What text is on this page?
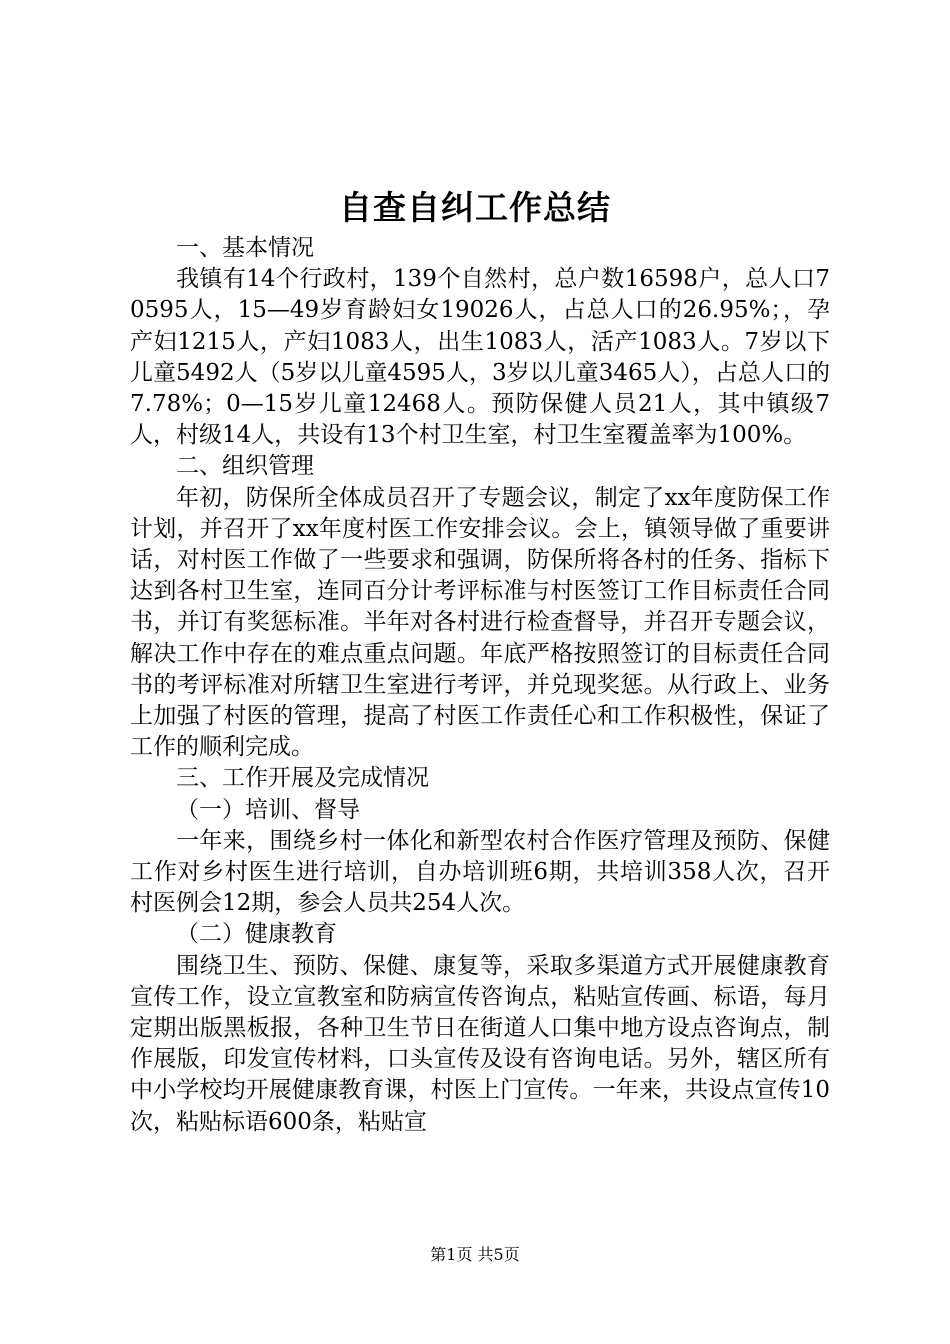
自查自纠工作总结

一、基本情况

我镇有14个行政村，139个自然村，总户数16598户，总人口70595人，15—49岁育龄妇女19026人，占总人口的26.95%；，孕产妇1215人，产妇1083人，出生1083人，活产1083人。7岁以下儿童5492人（5岁以儿童4595人，3岁以儿童3465人），占总人口的7.78%；0—15岁儿童12468人。预防保健人员21人，其中镇级7人，村级14人，共设有13个村卫生室，村卫生室覆盖率为100%。

二、组织管理

年初，防保所全体成员召开了专题会议，制定了xx年度防保工作计划，并召开了xx年度村医工作安排会议。会上，镇领导做了重要讲话，对村医工作做了一些要求和强调，防保所将各村的任务、指标下达到各村卫生室，连同百分计考评标准与村医签订工作目标责任合同书，并订有奖惩标准。半年对各村进行检查督导，并召开专题会议，解决工作中存在的难点重点问题。年底严格按照签订的目标责任合同书的考评标准对所辖卫生室进行考评，并兑现奖惩。从行政上、业务上加强了村医的管理，提高了村医工作责任心和工作积极性，保证了工作的顺利完成。

三、工作开展及完成情况

（一）培训、督导

一年来，围绕乡村一体化和新型农村合作医疗管理及预防、保健工作对乡村医生进行培训，自办培训班6期，共培训358人次，召开村医例会12期，参会人员共254人次。

（二）健康教育

围绕卫生、预防、保健、康复等，采取多渠道方式开展健康教育宣传工作，设立宣教室和防病宣传咨询点，粘贴宣传画、标语，每月定期出版黑板报，各种卫生节日在街道人口集中地方设点咨询点，制作展版，印发宣传材料，口头宣传及设有咨询电话。另外，辖区所有中小学校均开展健康教育课，村医上门宣传。一年来，共设点宣传10次，粘贴标语600条，粘贴宣

第1页 共5页
